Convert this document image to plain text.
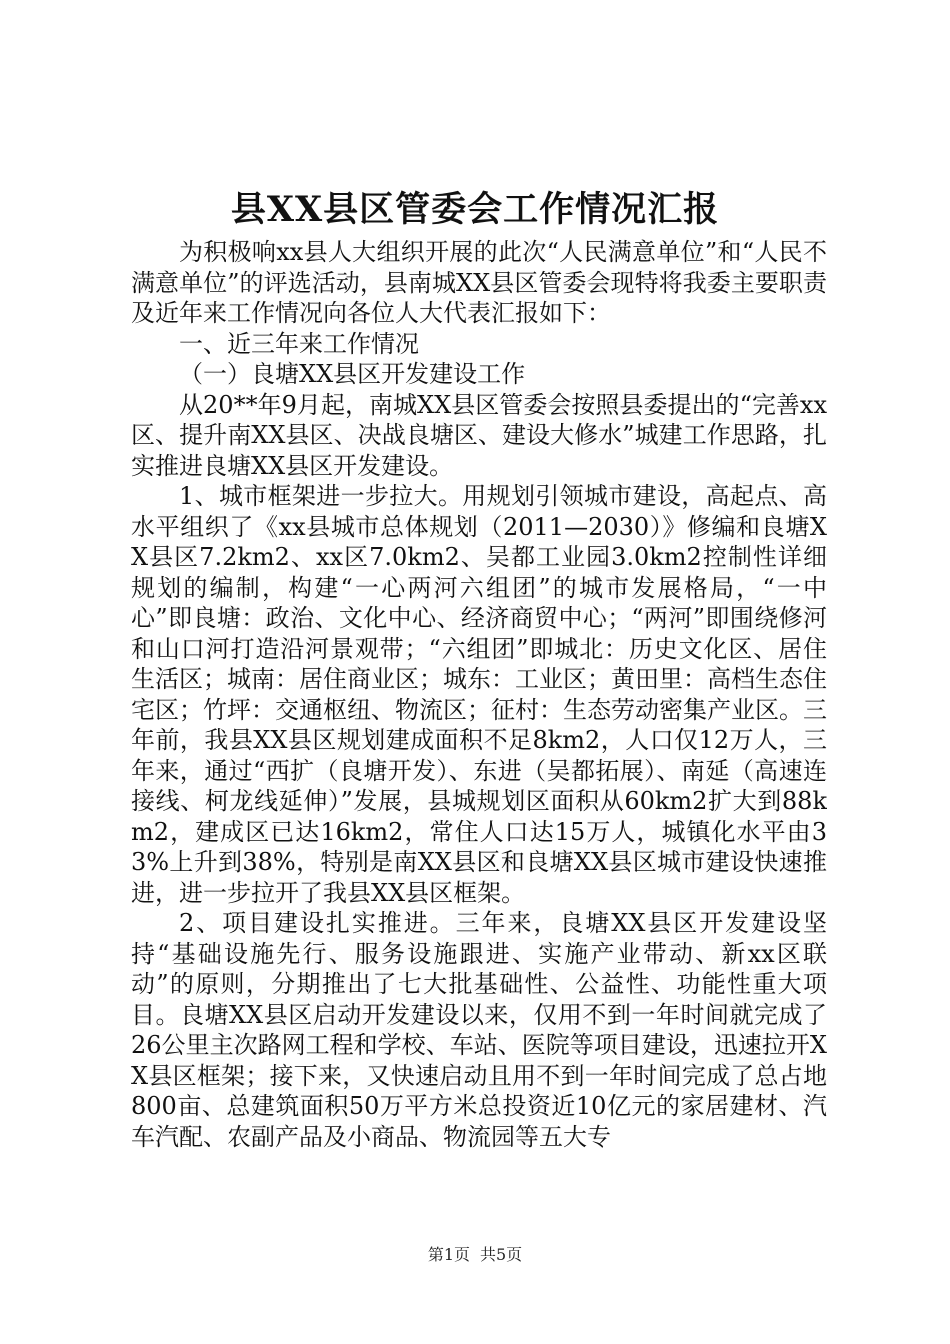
县XX县区管委会工作情况汇报

为积极响xx县人大组织开展的此次“人民满意单位”和“人民不满意单位”的评选活动，县南城XX县区管委会现特将我委主要职责及近年来工作情况向各位人大代表汇报如下：

一、近三年来工作情况

（一）良塘XX县区开发建设工作

从20**年9月起，南城XX县区管委会按照县委提出的“完善xx区、提升南XX县区、决战良塘区、建设大修水”城建工作思路，扎实推进良塘XX县区开发建设。

1、城市框架进一步拉大。用规划引领城市建设，高起点、高水平组织了《xx县城市总体规划（2011—2030）》修编和良塘XX县区7.2km2、xx区7.0km2、吴都工业园3.0km2控制性详细规划的编制，构建“一心两河六组团”的城市发展格局，“一中心”即良塘：政治、文化中心、经济商贸中心；“两河”即围绕修河和山口河打造沿河景观带；“六组团”即城北：历史文化区、居住生活区；城南：居住商业区；城东：工业区；黄田里：高档生态住宅区；竹坪：交通枢纽、物流区；征村：生态劳动密集产业区。三年前，我县XX县区规划建成面积不足8km2，人口仅12万人，三年来，通过“西扩（良塘开发）、东进（吴都拓展）、南延（高速连接线、柯龙线延伸）”发展，县城规划区面积从60km2扩大到88km2，建成区已达16km2，常住人口达15万人，城镇化水平由33%上升到38%，特别是南XX县区和良塘XX县区城市建设快速推进，进一步拉开了我县XX县区框架。

2、项目建设扎实推进。三年来，良塘XX县区开发建设坚持“基础设施先行、服务设施跟进、实施产业带动、新xx区联动”的原则，分期推出了七大批基础性、公益性、功能性重大项目。良塘XX县区启动开发建设以来，仅用不到一年时间就完成了26公里主次路网工程和学校、车站、医院等项目建设，迅速拉开XX县区框架；接下来，又快速启动且用不到一年时间完成了总占地800亩、总建筑面积50万平方米总投资近10亿元的家居建材、汽车汽配、农副产品及小商品、物流园等五大专

第1页 共5页
